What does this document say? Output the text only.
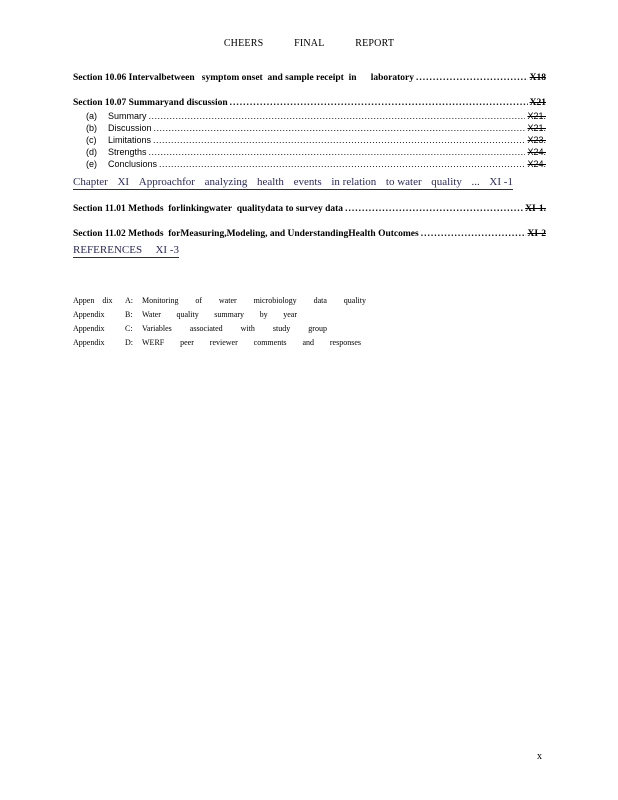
CHEERS	FINAL	REPORT
Section 10.06 Intervalbetween   symptom onset  and sample receipt  in      laboratory .....	X18
Section 10.07 Summaryand discussion .....	X21
(a)	Summary .....	X21.
(b)	Discussion .....	X21.
(c)	Limitations .....	X23.
(d)	Strengths .....	X24.
(e)	Conclusions .....	X24.
Chapter XI Approachfor analyzing health events in relation to water quality ... XI -1
Section 11.01 Methods  forlinkingwater  qualitydata to survey data .....	XI-1.
Section 11.02 Methods  forMeasuring,Modeling, and UnderstandingHealth Outcomes .....	XI-2
REFERENCES XI -3
Appen    dix	A:	Monitoring of water microbiology data quality
Appendix	B:	Water quality summary by year
Appendix	C:	Variables associated with study group
Appendix	D:	WERF peer reviewer comments and responses
x
